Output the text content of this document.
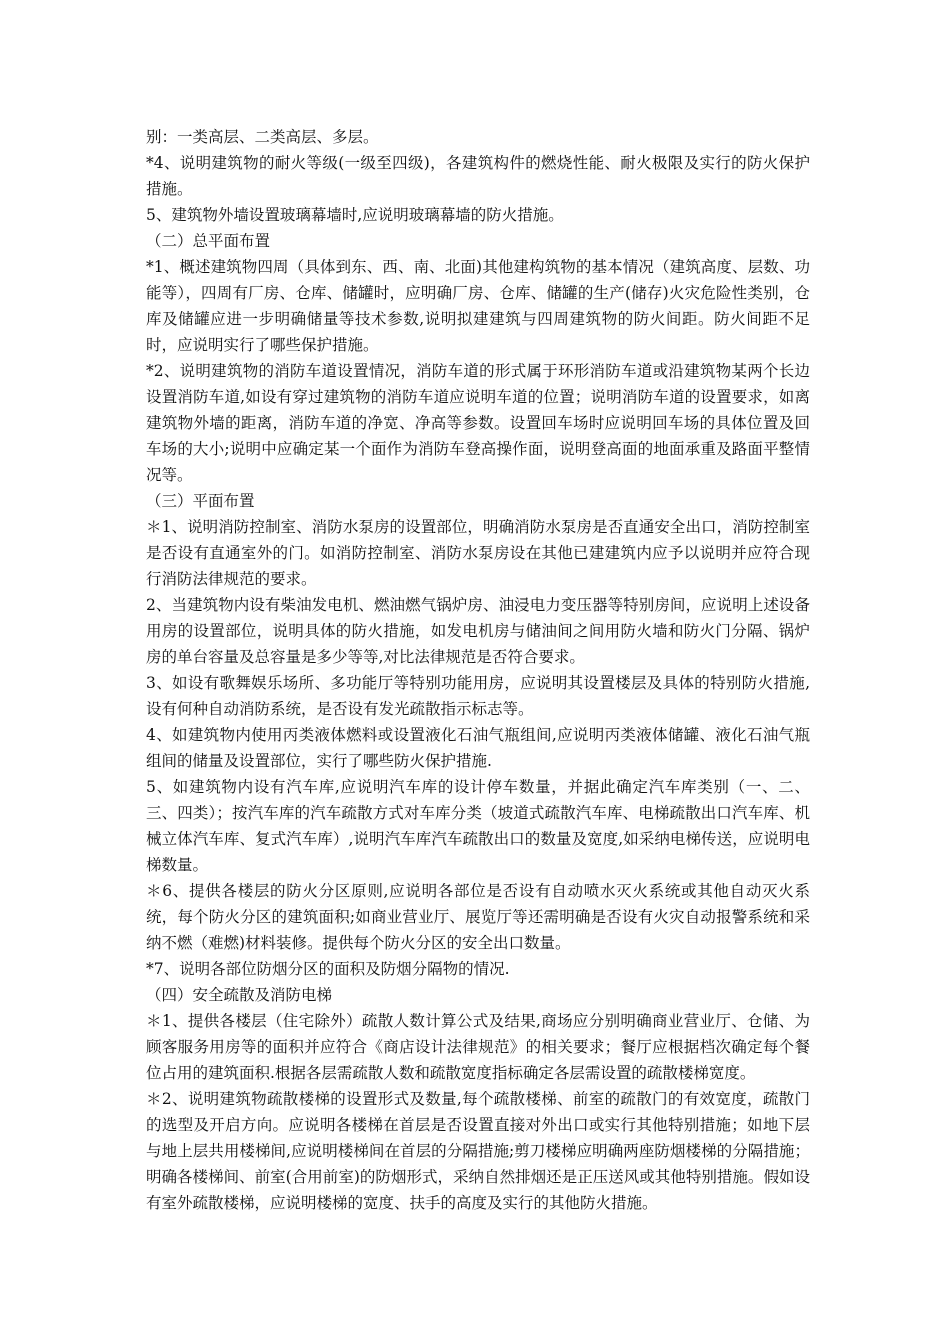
别：一类高层、二类高层、多层。

*4、说明建筑物的耐火等级(一级至四级)，各建筑构件的燃烧性能、耐火极限及实行的防火保护措施。

5、建筑物外墙设置玻璃幕墙时,应说明玻璃幕墙的防火措施。

（二）总平面布置

*1、概述建筑物四周（具体到东、西、南、北面)其他建构筑物的基本情况（建筑高度、层数、功能等），四周有厂房、仓库、储罐时，应明确厂房、仓库、储罐的生产(储存)火灾危险性类别，仓库及储罐应进一步明确储量等技术参数,说明拟建建筑与四周建筑物的防火间距。防火间距不足时，应说明实行了哪些保护措施。

*2、说明建筑物的消防车道设置情况，消防车道的形式属于环形消防车道或沿建筑物某两个长边设置消防车道,如设有穿过建筑物的消防车道应说明车道的位置；说明消防车道的设置要求，如离建筑物外墙的距离，消防车道的净宽、净高等参数。设置回车场时应说明回车场的具体位置及回车场的大小;说明中应确定某一个面作为消防车登高操作面，说明登高面的地面承重及路面平整情况等。

（三）平面布置

＊1、说明消防控制室、消防水泵房的设置部位，明确消防水泵房是否直通安全出口，消防控制室是否设有直通室外的门。如消防控制室、消防水泵房设在其他已建建筑内应予以说明并应符合现行消防法律规范的要求。

2、当建筑物内设有柴油发电机、燃油燃气锅炉房、油浸电力变压器等特别房间，应说明上述设备用房的设置部位，说明具体的防火措施，如发电机房与储油间之间用防火墙和防火门分隔、锅炉房的单台容量及总容量是多少等等,对比法律规范是否符合要求。

3、如设有歌舞娱乐场所、多功能厅等特别功能用房，应说明其设置楼层及具体的特别防火措施,设有何种自动消防系统，是否设有发光疏散指示标志等。

4、如建筑物内使用丙类液体燃料或设置液化石油气瓶组间,应说明丙类液体储罐、液化石油气瓶组间的储量及设置部位，实行了哪些防火保护措施.

5、如建筑物内设有汽车库,应说明汽车库的设计停车数量，并据此确定汽车库类别（一、二、三、四类）；按汽车库的汽车疏散方式对车库分类（坡道式疏散汽车库、电梯疏散出口汽车库、机械立体汽车库、复式汽车库）,说明汽车库汽车疏散出口的数量及宽度,如采纳电梯传送，应说明电梯数量。

＊6、提供各楼层的防火分区原则,应说明各部位是否设有自动喷水灭火系统或其他自动灭火系统，每个防火分区的建筑面积;如商业营业厅、展览厅等还需明确是否设有火灾自动报警系统和采纳不燃（难燃)材料装修。提供每个防火分区的安全出口数量。

*7、说明各部位防烟分区的面积及防烟分隔物的情况.

（四）安全疏散及消防电梯

＊1、提供各楼层（住宅除外）疏散人数计算公式及结果,商场应分别明确商业营业厅、仓储、为顾客服务用房等的面积并应符合《商店设计法律规范》的相关要求；餐厅应根据档次确定每个餐位占用的建筑面积.根据各层需疏散人数和疏散宽度指标确定各层需设置的疏散楼梯宽度。

＊2、说明建筑物疏散楼梯的设置形式及数量,每个疏散楼梯、前室的疏散门的有效宽度，疏散门的选型及开启方向。应说明各楼梯在首层是否设置直接对外出口或实行其他特别措施；如地下层与地上层共用楼梯间,应说明楼梯间在首层的分隔措施;剪刀楼梯应明确两座防烟楼梯的分隔措施；明确各楼梯间、前室(合用前室)的防烟形式，采纳自然排烟还是正压送风或其他特别措施。假如设有室外疏散楼梯，应说明楼梯的宽度、扶手的高度及实行的其他防火措施。
